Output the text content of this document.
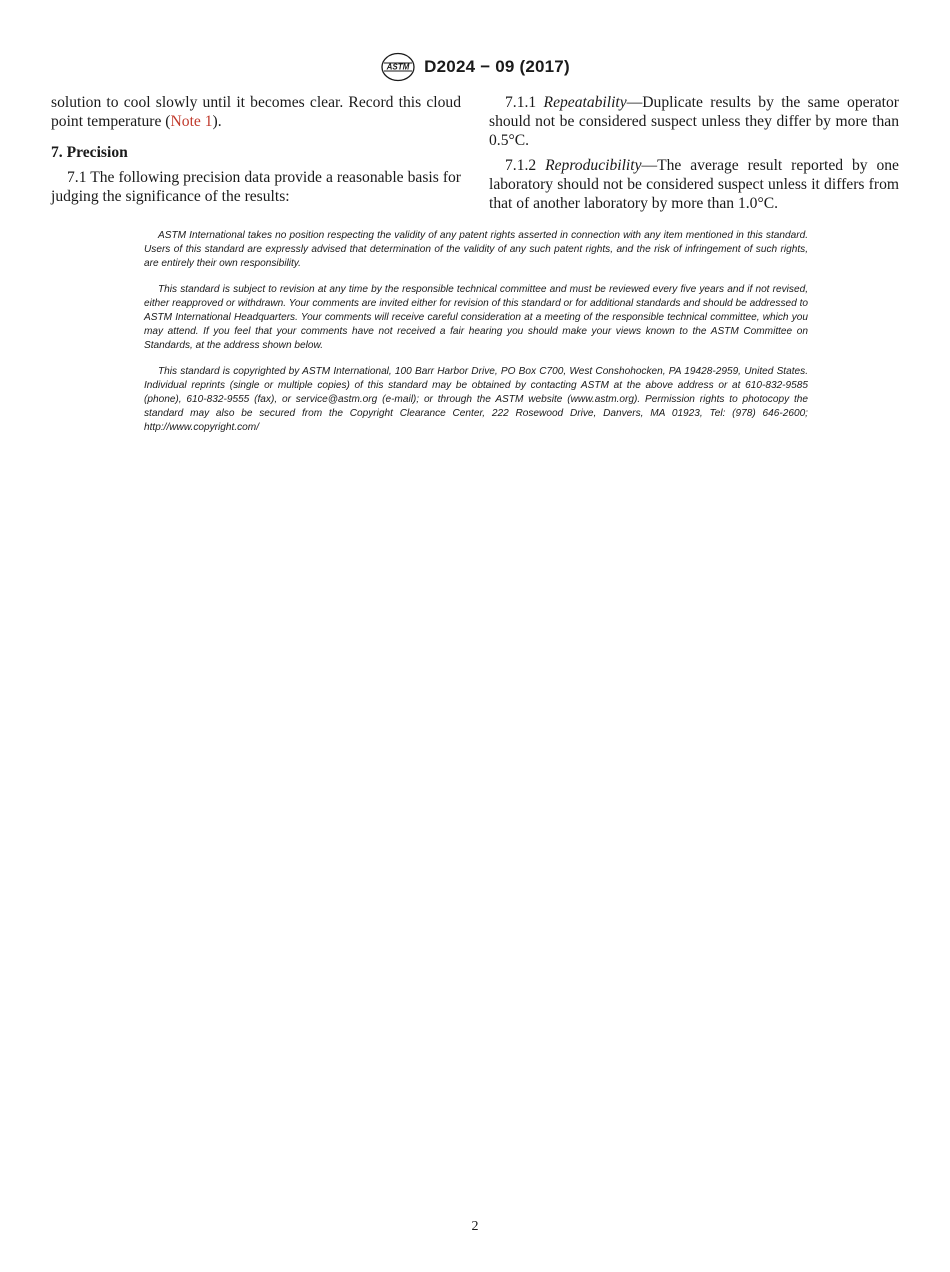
ASTM D2024 − 09 (2017)

solution to cool slowly until it becomes clear. Record this cloud point temperature (Note 1).

7. Precision

7.1 The following precision data provide a reasonable basis for judging the significance of the results:

7.1.1 Repeatability—Duplicate results by the same operator should not be considered suspect unless they differ by more than 0.5°C.

7.1.2 Reproducibility—The average result reported by one laboratory should not be considered suspect unless it differs from that of another laboratory by more than 1.0°C.

ASTM International takes no position respecting the validity of any patent rights asserted in connection with any item mentioned in this standard. Users of this standard are expressly advised that determination of the validity of any such patent rights, and the risk of infringement of such rights, are entirely their own responsibility.

This standard is subject to revision at any time by the responsible technical committee and must be reviewed every five years and if not revised, either reapproved or withdrawn. Your comments are invited either for revision of this standard or for additional standards and should be addressed to ASTM International Headquarters. Your comments will receive careful consideration at a meeting of the responsible technical committee, which you may attend. If you feel that your comments have not received a fair hearing you should make your views known to the ASTM Committee on Standards, at the address shown below.

This standard is copyrighted by ASTM International, 100 Barr Harbor Drive, PO Box C700, West Conshohocken, PA 19428-2959, United States. Individual reprints (single or multiple copies) of this standard may be obtained by contacting ASTM at the above address or at 610-832-9585 (phone), 610-832-9555 (fax), or service@astm.org (e-mail); or through the ASTM website (www.astm.org). Permission rights to photocopy the standard may also be secured from the Copyright Clearance Center, 222 Rosewood Drive, Danvers, MA 01923, Tel: (978) 646-2600; http://www.copyright.com/

2
